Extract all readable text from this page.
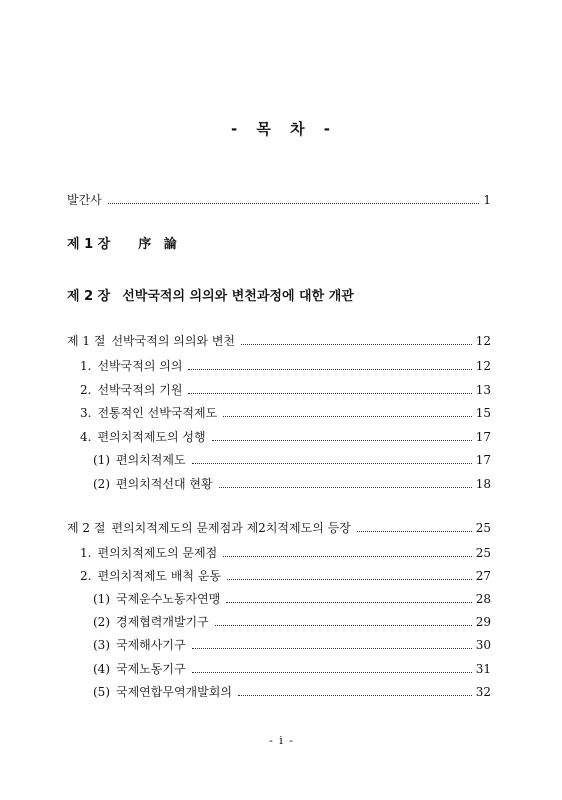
- 목 차 -
발간사	1
제 1 장 序 論
제 2 장 선박국적의 의의와 변천과정에 대한 개관
제 1 절 선박국적의 의의와 변천	12
1. 선박국적의 의의	12
2. 선박국적의 기원	13
3. 전통적인 선박국적제도	15
4. 편의치적제도의 성행	17
(1) 편의치적제도	17
(2) 편의치적선대 현황	18
제 2 절 편의치적제도의 문제점과 제2치적제도의 등장	25
1. 편의치적제도의 문제점	25
2. 편의치적제도 배척 운동	27
(1) 국제운수노동자연맹	28
(2) 경제협력개발기구	29
(3) 국제해사기구	30
(4) 국제노동기구	31
(5) 국제연합무역개발회의	32
- i -
